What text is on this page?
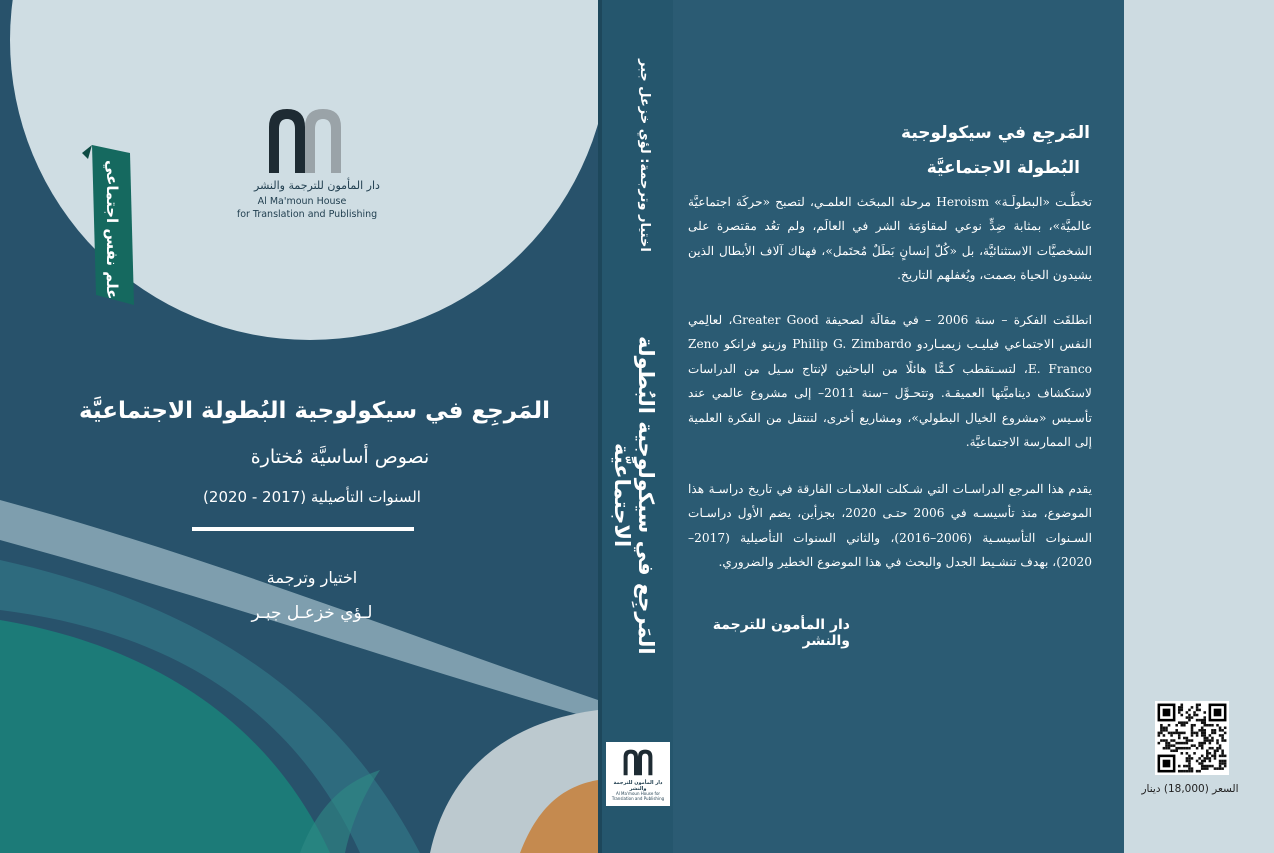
علم نفس اجتماعي	دار المأمون للترجمة والنشر
Al Ma'moun House
for Translation and Publishing
المَرجِع في سيكولوجية البُطولة الاجتماعيَّة
نصوص أساسيَّة مُختارة
السنوات التأصيلية (2017 - 2020)
اختيار وترجمة
لـؤي خزعـل جبـر
اختيار وترجمة: لؤي خزعل جبر
المَرجِع في سيكولوجية البُطولة الاجتماعيَّة
دار المأمون للترجمة والنشر
Al Ma'moun House for Translation and Publishing
المَرجِع في سيكولوجية
البُطولة الاجتماعيَّة
تخطَّـت «البطولَـة» Heroism مرحلة المبحَث العلمـي، لتصبح «حركَة اجتماعيَّة عالميَّة»، بمثابة ضِدٍّ نوعي لمقاوَمَة الشر في العالَم، ولم تعُد مقتصرة على الشخصيَّات الاستثنائيَّة، بل «كُلّ إنسانٍ بَطَلٌ مُحتَمل»، فهناك آلاف الأبطال الذين يشيدون الحياة بصمت، ويُغفلهم التاريخ.
انطلقَت الفكرة – سنة 2006 – في مقالَة لصحيفة Greater Good، لعالِمي النفس الاجتماعي فيليـب زيمبـاردو Philip G. Zimbardo وزينو فرانكو Zeno E. Franco، لتسـتقطب كـمًّا هائلًا من الباحثين لإنتاج سـيل من الدراسات لاستكشاف ديناميَّتها العميقـة. وتتحـوَّل –سنة 2011– إلى مشروع عالمي عند تأسـيس «مشروع الخيال البطولي»، ومشاريع أخرى، لتنتقل من الفكرة العلمية إلى الممارسة الاجتماعيَّة.
يقدم هذا المرجع الدراسـات التي شـكلت العلامـات الفارقة في تاريخ دراسـة هذا الموضوع، منذ تأسيسـه في 2006 حتـى 2020، بجزأين، يضم الأول دراسـات السـنوات التأسيسـية (2006–2016)، والثاني السنوات التأصيلية (2017–2020)، بهدف تنشـيط الجدل والبحث في هذا الموضوع الخطير والضروري.
دار المأمون للترجمة والنشر
السعر (18,000) دينار
